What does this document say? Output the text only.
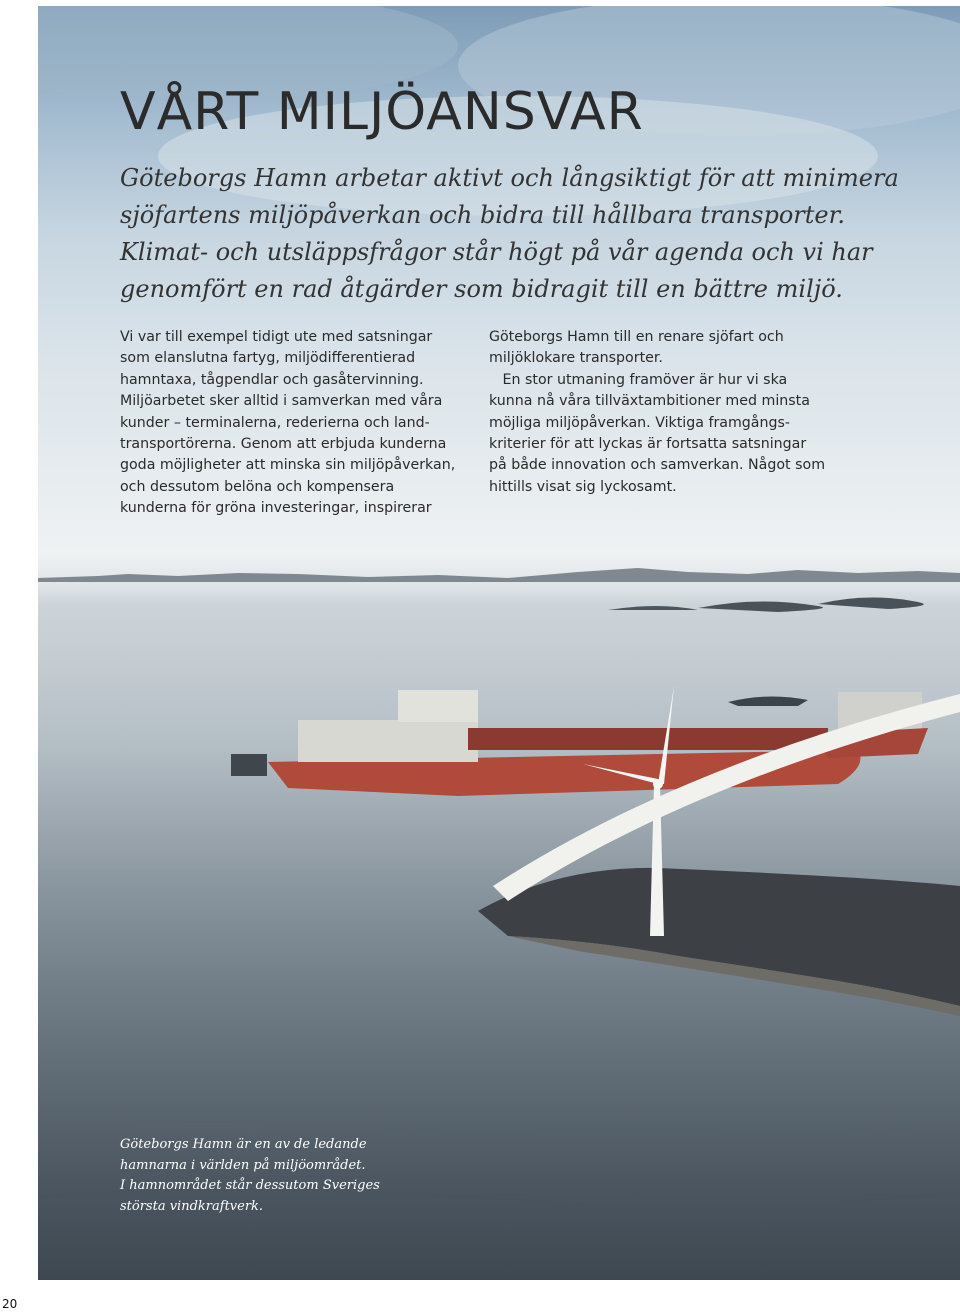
VÅRT MILJÖANSVAR

Göteborgs Hamn arbetar aktivt och långsiktigt för att minimera
sjöfartens miljöpåverkan och bidra till hållbara transporter.
Klimat- och utsläppsfrågor står högt på vår agenda och vi har
genomfört en rad åtgärder som bidragit till en bättre miljö.

Vi var till exempel tidigt ute med satsningar
som elanslutna fartyg, miljödifferentierad
hamntaxa, tågpendlar och gasåtervinning.
Miljöarbetet sker alltid i samverkan med våra
kunder – terminalerna, rederierna och land-
transportörerna. Genom att erbjuda kunderna
goda möjligheter att minska sin miljöpåverkan,
och dessutom belöna och kompensera
kunderna för gröna investeringar, inspirerar

Göteborgs Hamn till en renare sjöfart och
miljöklokare transporter.
En stor utmaning framöver är hur vi ska
kunna nå våra tillväxtambitioner med minsta
möjliga miljöpåverkan. Viktiga framgångs-
kriterier för att lyckas är fortsatta satsningar
på både innovation och samverkan. Något som
hittills visat sig lyckosamt.

Göteborgs Hamn är en av de ledande
hamnarna i världen på miljöområdet.
I hamnområdet står dessutom Sveriges
största vindkraftverk.

20
